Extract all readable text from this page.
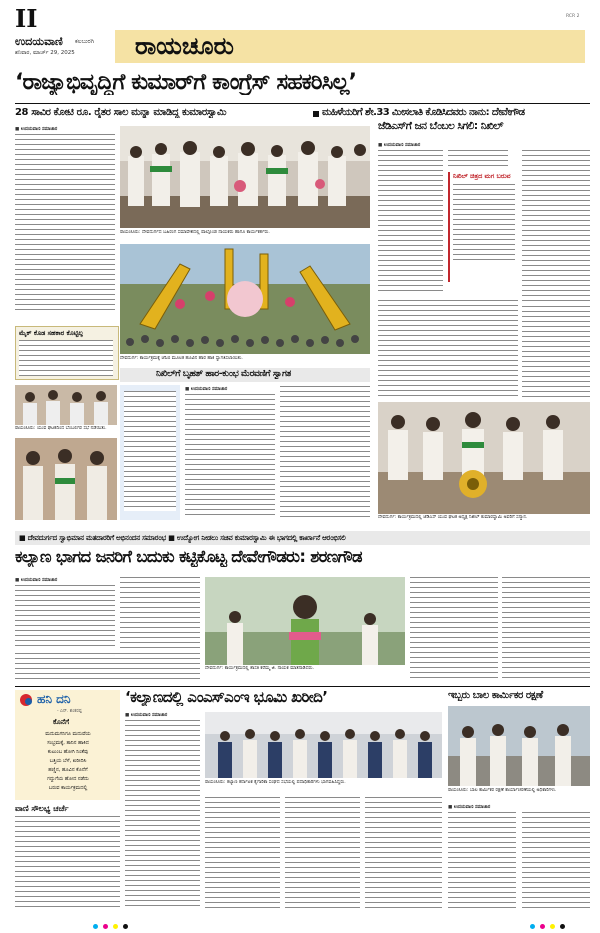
II
ಉದಯವಾಣಿ ಕಲಬುರಗಿ
ಶನಿವಾರ, ಮಾರ್ಚ್ 29, 2025	ರಾಯಚೂರು
RCR 2
‘ರಾಜ್ಯಾಭಿವೃದ್ಧಿಗೆ ಕುಮಾರ್‌ಗೆ ಕಾಂಗ್ರೆಸ್‌ ಸಹಕರಿಸಿಲ್ಲ’
28 ಸಾವಿರ ಕೋಟಿ ರೂ. ರೈತರ ಸಾಲ ಮನ್ನಾ ಮಾಡಿದ್ದ ಕುಮಾರಸ್ವಾಮಿ	ಮಹಿಳೆಯರಿಗೆ ಶೇ.33 ಮೀಸಲಾತಿ ಕೊಡಿಸಿದವರು ನಾನು: ದೇವೇಗೌಡ
ಜೆಡಿಎಸ್‌ಗೆ ಜನ ಬೆಂಬಲ ಸಿಗಲಿ: ನಿಖಿಲ್
■ ಉದಯವಾಣಿ ಸಮಾಚಾರ
ರಾಯಚೂರು: ದೇವದುರ್ಗದ ಬಹಿರಂಗ ಸಮಾವೇಶದಲ್ಲಿ ಪಾಲ್ಗೊಂಡ ನಾಯಕರು ಹಾಗೂ ಕಾರ್ಯಕರ್ತರು.
ದೇವದುರ್ಗ: ಕಾರ್ಯಕ್ರಮಕ್ಕೆ ಜೆಸಿಬಿ ಮೂಲಕ ಹೂವಿನ ಹಾರ ಹಾಕಿ ಸ್ವಾಗತಿಸಲಾಯಿತು.
ಮೈಕ್ ಕೊಡ ಸಹಕಾರ ಕೊಟ್ಟಿಲ್ಲ
ನಿಖಿಲ್‌ಗೆ ಬೃಹತ್ ಹಾರ-ಕುಂಭ ಮೆರವಣಿಗೆ ಸ್ವಾಗತ
ರಾಯಚೂರು: ಯುವ ಘಟಕದಿಂದ ಬೆಂಬಲಿಗರ ಸಭೆ ನಡೆಯಿತು.
■ ಉದಯವಾಣಿ ಸಮಾಚಾರ
■ ಉದಯವಾಣಿ ಸಮಾಚಾರ
ನಿಖಿಲ್‌ ಚಿತ್ರದ ಮಗ ಬರುವ
ದೇವದುರ್ಗ: ಕಾರ್ಯಕ್ರಮದಲ್ಲಿ ಜೆಡಿಎಸ್ ಯುವ ಘಟಕ ಅಧ್ಯಕ್ಷ ನಿಖಿಲ್ ಕುಮಾರಸ್ವಾಮಿ ಅವರಿಗೆ ಸನ್ಮಾನ.
■ ದೇವದುರ್ಗದ ಸ್ವಾಭಿಮಾನ ಮತದಾರರಿಗೆ ಅಭಿನಂದನ ಸಮಾರಂಭ ■ ಉದ್ಯೋಗ ನೀಡಲು ಸಚಿವ ಕುಮಾರಸ್ವಾಮಿ ಈ ಭಾಗದಲ್ಲಿ ಕಾರ್ಖಾನೆ ಆರಂಭಿಸಲಿ
ಕಲ್ಯಾಣ ಭಾಗದ ಜನರಿಗೆ ಬದುಕು ಕಟ್ಟಿಕೊಟ್ಟ ದೇವೇಗೌಡರು: ಶರಣಗೌಡ
■ ಉದಯವಾಣಿ ಸಮಾಚಾರ
ದೇವದುರ್ಗ: ಕಾರ್ಯಕ್ರಮದಲ್ಲಿ ಶಾಸಕಿ ಕರೆಮ್ಮ ಜಿ. ನಾಯಕ ಮಾತನಾಡಿದರು.
ಹನಿ ದನಿ
- ಎನ್. ಶಂಕರಪ್ಪ
ಕೊನೆಗೆ
ಮದುಮಗನಿಗೂ ಮದುವೆಯ
ಸಂಭ್ರಮಕ್ಕೆ, ತಾನಿನ ಹಾಕಿದ
ಕುಟುಂಬ ಹೋಗಿ ನಿಂತೆವು
ಬತ್ತಿಯ ಬೆಳೆ, ಖರೀದಿಸಿ
ಹಣ್ಣಿನ, ಹೂವಿನ ಕೊನೆಗೆ
ಗದ್ದುಗೆಯ ಹೋದ ನಡೆದು
ಬರುವ ಕಾರ್ಯಕ್ರಮದಲ್ಲಿ
ವಾಣಿ ಸೌಲಭ್ಯ ಚರ್ಚೆ
‘ಕಲ್ಯಾಣದಲ್ಲಿ ಎಂಎಸ್‌ಎಂಇ ಭೂಮಿ ಖರೀದಿ’
■ ಉದಯವಾಣಿ ಸಮಾಚಾರ
ರಾಯಚೂರು: ಕಲ್ಯಾಣ ಕರ್ನಾಟಕ ಕೈಗಾರಿಕಾ ಸಂಘದ ಸಭೆಯಲ್ಲಿ ಪದಾಧಿಕಾರಿಗಳು ಭಾಗವಹಿಸಿದ್ದರು.
ಇಬ್ಬರು ಬಾಲ ಕಾರ್ಮಿಕರ ರಕ್ಷಣೆ
ರಾಯಚೂರು: ಬಾಲ ಕಾರ್ಮಿಕರ ರಕ್ಷಣೆ ಕಾರ್ಯಾಚರಣೆಯಲ್ಲಿ ಅಧಿಕಾರಿಗಳು.
■ ಉದಯವಾಣಿ ಸಮಾಚಾರ
